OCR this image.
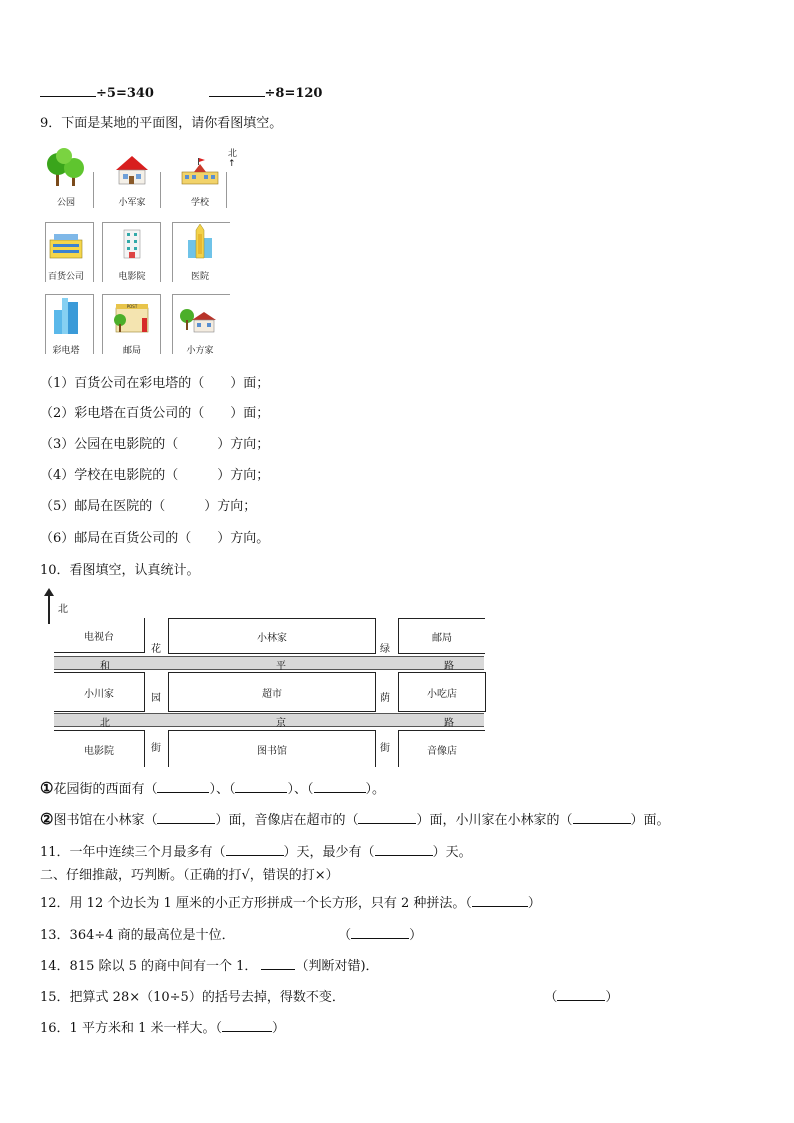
÷5=340	÷8=120
9．下面是某地的平面图，请你看图填空。
北
↑
公园	小军家	学校
百货公司	电影院	医院
彩电塔
POST
邮局	小方家
（1）百货公司在彩电塔的（　　）面；
（2）彩电塔在百货公司的（　　）面；
（3）公园在电影院的（　　　）方向；
（4）学校在电影院的（　　　）方向；
（5）邮局在医院的（　　　）方向；
（6）邮局在百货公司的（　　）方向。
10．看图填空，认真统计。
北
电视台	小林家	邮局
小川家	超市	小吃店
电影院	图书馆	音像店
和	平	路
北	京	路
花
园
街
绿
荫
街
①花园街的西面有（	）、（	）、（	）。
②图书馆在小林家（	）面，音像店在超市的（	）面，小川家在小林家的（	）面。
11．一年中连续三个月最多有（	）天，最少有（	）天。
二、仔细推敲，巧判断。（正确的打√，错误的打×）
12．用 12 个边长为 1 厘米的小正方形拼成一个长方形，只有 2 种拼法。（	）
13．364÷4 商的最高位是十位．	（	）
14．815 除以 5 的商中间有一个 1．	（判断对错)．
15．把算式 28×（10÷5）的括号去掉，得数不变．	（	）
16．1 平方米和 1 米一样大。（	）
